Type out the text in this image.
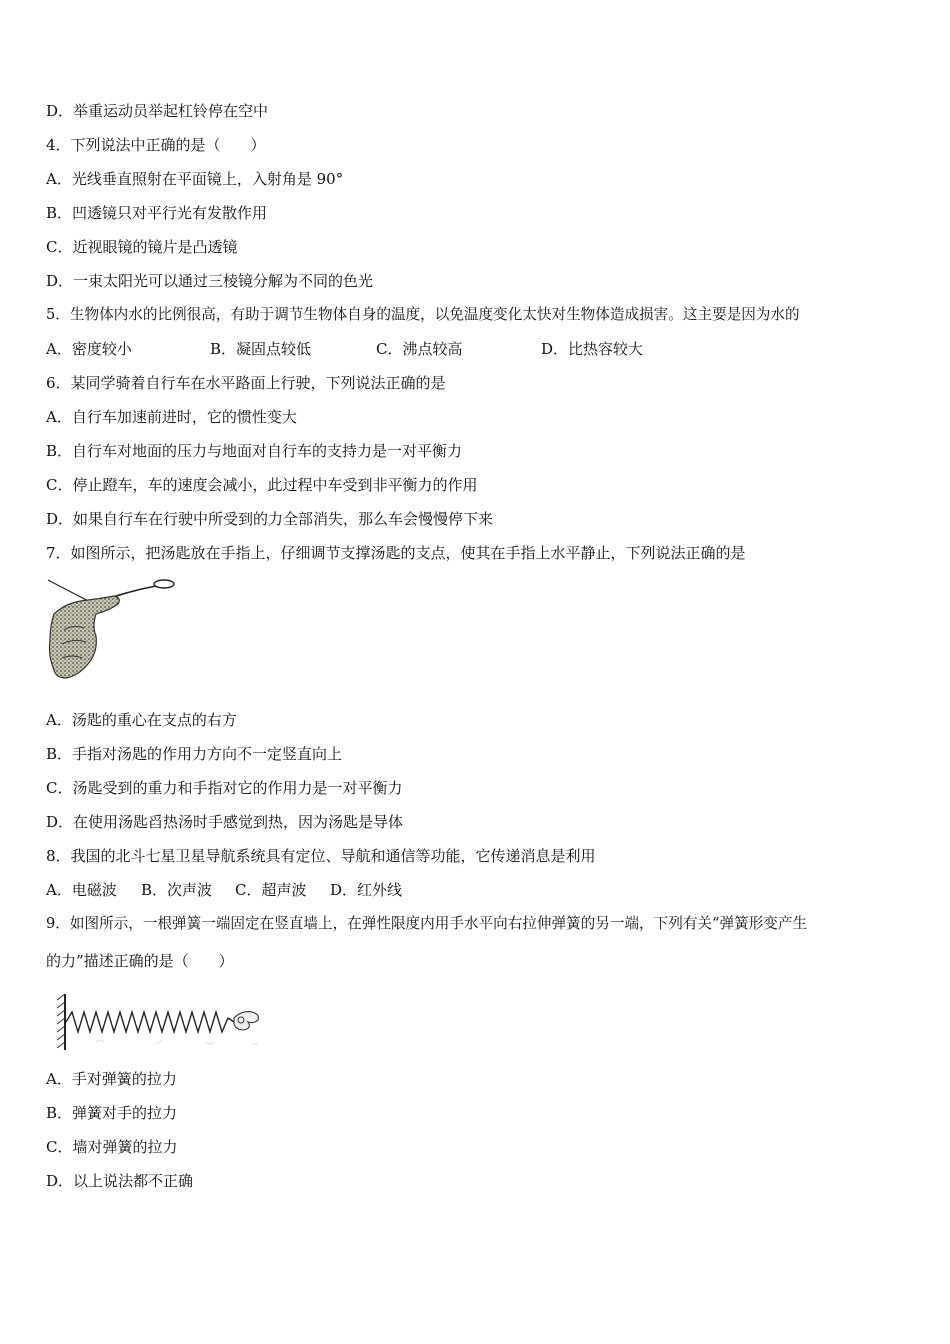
D．举重运动员举起杠铃停在空中
4．下列说法中正确的是（　　）
A．光线垂直照射在平面镜上，入射角是 90°
B．凹透镜只对平行光有发散作用
C．近视眼镜的镜片是凸透镜
D．一束太阳光可以通过三棱镜分解为不同的色光
5．生物体内水的比例很高，有助于调节生物体自身的温度，以免温度变化太快对生物体造成损害。这主要是因为水的
A．密度较小	B．凝固点较低	C．沸点较高	D．比热容较大
6．某同学骑着自行车在水平路面上行驶，下列说法正确的是
A．自行车加速前进时，它的惯性变大
B．自行车对地面的压力与地面对自行车的支持力是一对平衡力
C．停止蹬车，车的速度会减小，此过程中车受到非平衡力的作用
D．如果自行车在行驶中所受到的力全部消失，那么车会慢慢停下来
7．如图所示，把汤匙放在手指上，仔细调节支撑汤匙的支点，使其在手指上水平静止，下列说法正确的是
A．汤匙的重心在支点的右方
B．手指对汤匙的作用力方向不一定竖直向上
C．汤匙受到的重力和手指对它的作用力是一对平衡力
D．在使用汤匙舀热汤时手感觉到热，因为汤匙是导体
8．我国的北斗七星卫星导航系统具有定位、导航和通信等功能，它传递消息是利用
A．电磁波 B．次声波 C．超声波 D．红外线
9．如图所示，一根弹簧一端固定在竖直墙上，在弹性限度内用手水平向右拉伸弹簧的另一端，下列有关“弹簧形变产生
的力”描述正确的是（　　）
A．手对弹簧的拉力
B．弹簧对手的拉力
C．墙对弹簧的拉力
D．以上说法都不正确
